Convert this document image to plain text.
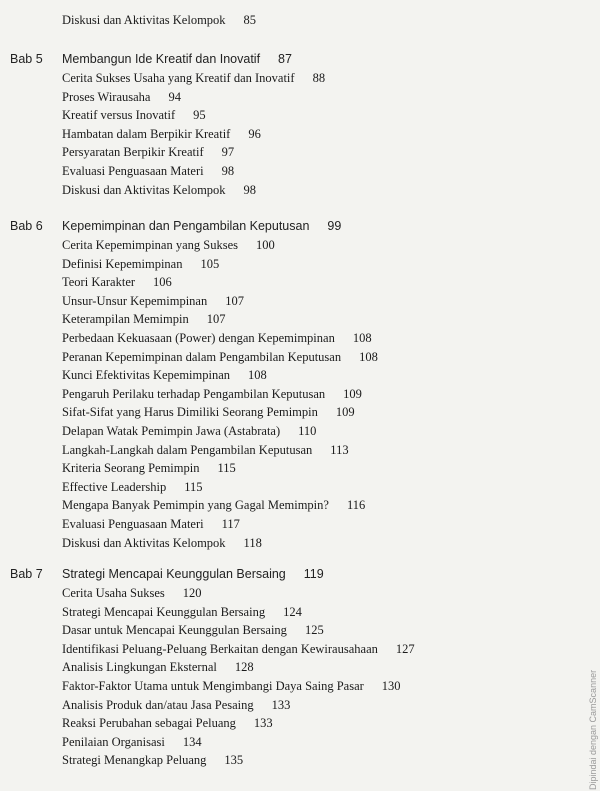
Diskusi dan Aktivitas Kelompok 85
Bab 5 Membangun Ide Kreatif dan Inovatif 87
Cerita Sukses Usaha yang Kreatif dan Inovatif 88
Proses Wirausaha 94
Kreatif versus Inovatif 95
Hambatan dalam Berpikir Kreatif 96
Persyaratan Berpikir Kreatif 97
Evaluasi Penguasaan Materi 98
Diskusi dan Aktivitas Kelompok 98
Bab 6 Kepemimpinan dan Pengambilan Keputusan 99
Cerita Kepemimpinan yang Sukses 100
Definisi Kepemimpinan 105
Teori Karakter 106
Unsur-Unsur Kepemimpinan 107
Keterampilan Memimpin 107
Perbedaan Kekuasaan (Power) dengan Kepemimpinan 108
Peranan Kepemimpinan dalam Pengambilan Keputusan 108
Kunci Efektivitas Kepemimpinan 108
Pengaruh Perilaku terhadap Pengambilan Keputusan 109
Sifat-Sifat yang Harus Dimiliki Seorang Pemimpin 109
Delapan Watak Pemimpin Jawa (Astabrata) 110
Langkah-Langkah dalam Pengambilan Keputusan 113
Kriteria Seorang Pemimpin 115
Effective Leadership 115
Mengapa Banyak Pemimpin yang Gagal Memimpin? 116
Evaluasi Penguasaan Materi 117
Diskusi dan Aktivitas Kelompok 118
Bab 7 Strategi Mencapai Keunggulan Bersaing 119
Cerita Usaha Sukses 120
Strategi Mencapai Keunggulan Bersaing 124
Dasar untuk Mencapai Keunggulan Bersaing 125
Identifikasi Peluang-Peluang Berkaitan dengan Kewirausahaan 127
Analisis Lingkungan Eksternal 128
Faktor-Faktor Utama untuk Mengimbangi Daya Saing Pasar 130
Analisis Produk dan/atau Jasa Pesaing 133
Reaksi Perubahan sebagai Peluang 133
Penilaian Organisasi 134
Strategi Menangkap Peluang 135	Dipindai dengan CamScanner
